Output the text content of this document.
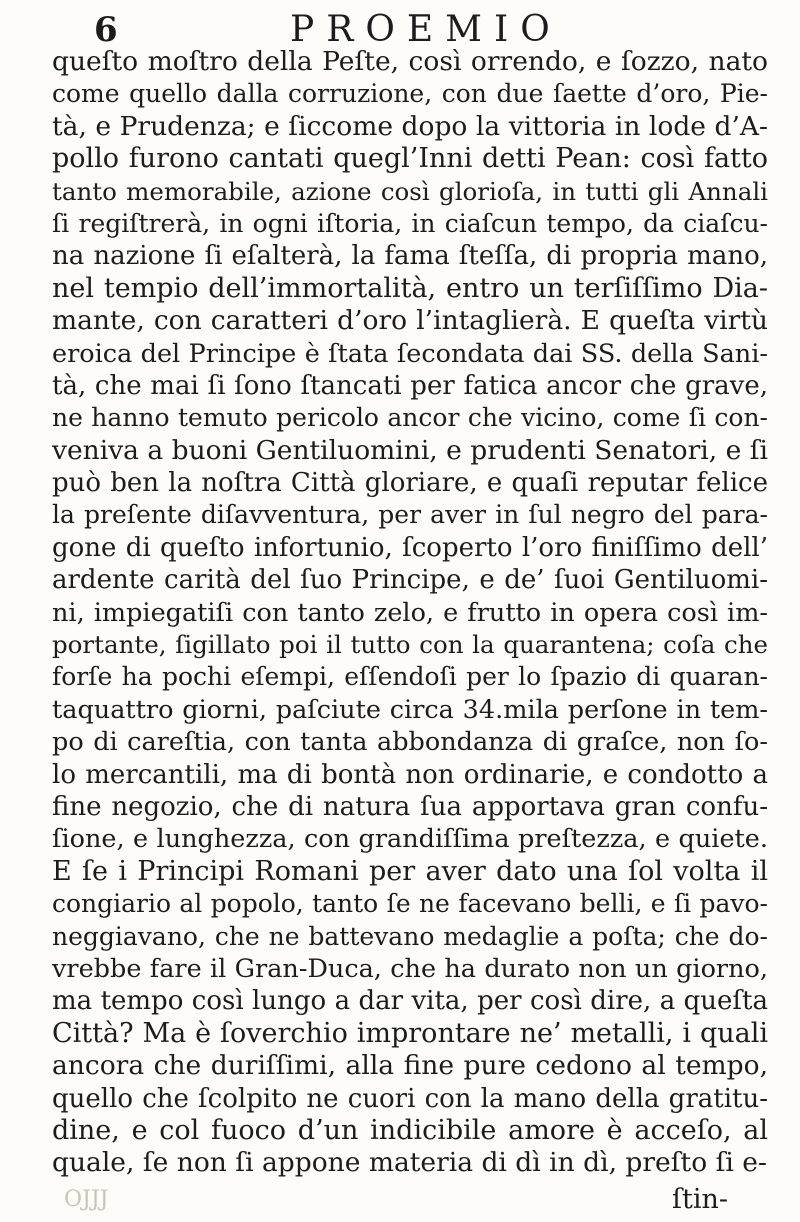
6	PROEMIO
queſto moſtro della Peſte, così orrendo, e ſozzo, nato
come quello dalla corruzione, con due ſaette d’oro, Pie-
tà, e Prudenza; e ſiccome dopo la vittoria in lode d’A-
pollo furono cantati quegl’Inni detti Pean: così fatto
tanto memorabile, azione così glorioſa, in tutti gli Annali
ſi regiſtrerà, in ogni iſtoria, in ciaſcun tempo, da ciaſcu-
na nazione ſi eſalterà, la fama ſteſſa, di propria mano,
nel tempio dell’immortalità, entro un terſiſſimo Dia-
mante, con caratteri d’oro l’intaglierà. E queſta virtù
eroica del Principe è ſtata ſecondata dai SS. della Sani-
tà, che mai ſi ſono ſtancati per fatica ancor che grave,
ne hanno temuto pericolo ancor che vicino, come ſi con-
veniva a buoni Gentiluomini, e prudenti Senatori, e ſi
può ben la noſtra Città gloriare, e quaſi reputar felice
la preſente diſavventura, per aver in ſul negro del para-
gone di queſto infortunio, ſcoperto l’oro finiſſimo dell’
ardente carità del ſuo Principe, e de’ ſuoi Gentiluomi-
ni, impiegatiſi con tanto zelo, e frutto in opera così im-
portante, ſigillato poi il tutto con la quarantena; coſa che
forſe ha pochi eſempi, eſſendoſi per lo ſpazio di quaran-
taquattro giorni, paſciute circa 34.mila perſone in tem-
po di careſtia, con tanta abbondanza di graſce, non ſo-
lo mercantili, ma di bontà non ordinarie, e condotto a
fine negozio, che di natura ſua apportava gran confu-
ſione, e lunghezza, con grandiſſima preſtezza, e quiete.
E ſe i Principi Romani per aver dato una ſol volta il
congiario al popolo, tanto ſe ne facevano belli, e ſi pavo-
neggiavano, che ne battevano medaglie a poſta; che do-
vrebbe fare il Gran-Duca, che ha durato non un giorno,
ma tempo così lungo a dar vita, per così dire, a queſta
Città? Ma è ſoverchio improntare ne’ metalli, i quali
ancora che duriſſimi, alla fine pure cedono al tempo,
quello che ſcolpito ne cuori con la mano della gratitu-
dine, e col fuoco d’un indicibile amore è acceſo, al
quale, ſe non ſi appone materia di dì in dì, preſto ſi e-
OJJJ	ſtin-
